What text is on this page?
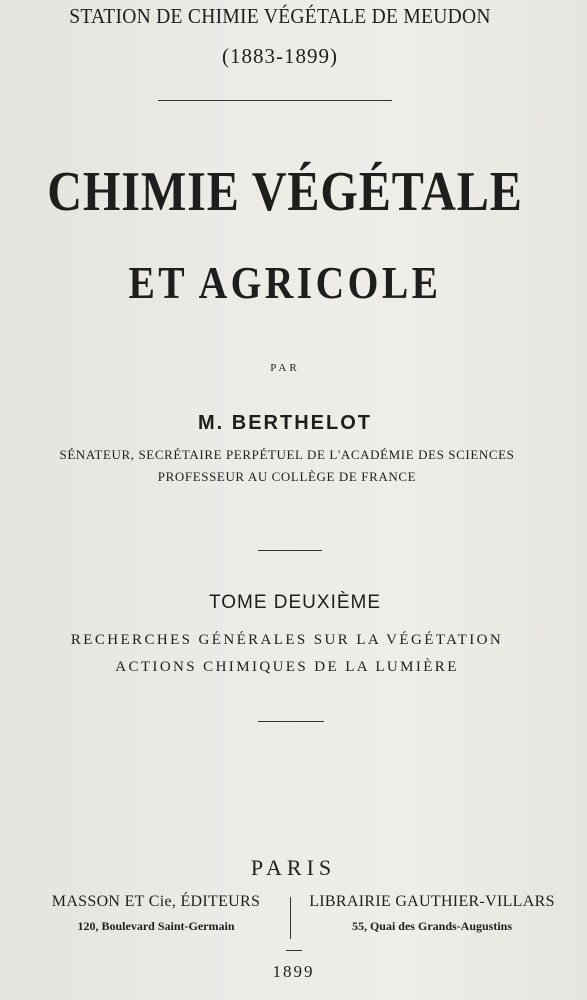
STATION DE CHIMIE VÉGÉTALE DE MEUDON
(1883-1899)
CHIMIE VÉGÉTALE
ET AGRICOLE
PAR
M. BERTHELOT
SÉNATEUR, SECRÉTAIRE PERPÉTUEL DE L'ACADÉMIE DES SCIENCES
PROFESSEUR AU COLLÈGE DE FRANCE
TOME DEUXIÈME
RECHERCHES GÉNÉRALES SUR LA VÉGÉTATION
ACTIONS CHIMIQUES DE LA LUMIÈRE
PARIS
MASSON ET Cie, ÉDITEURS
120, Boulevard Saint-Germain
LIBRAIRIE GAUTHIER-VILLARS
55, Quai des Grands-Augustins
1899
